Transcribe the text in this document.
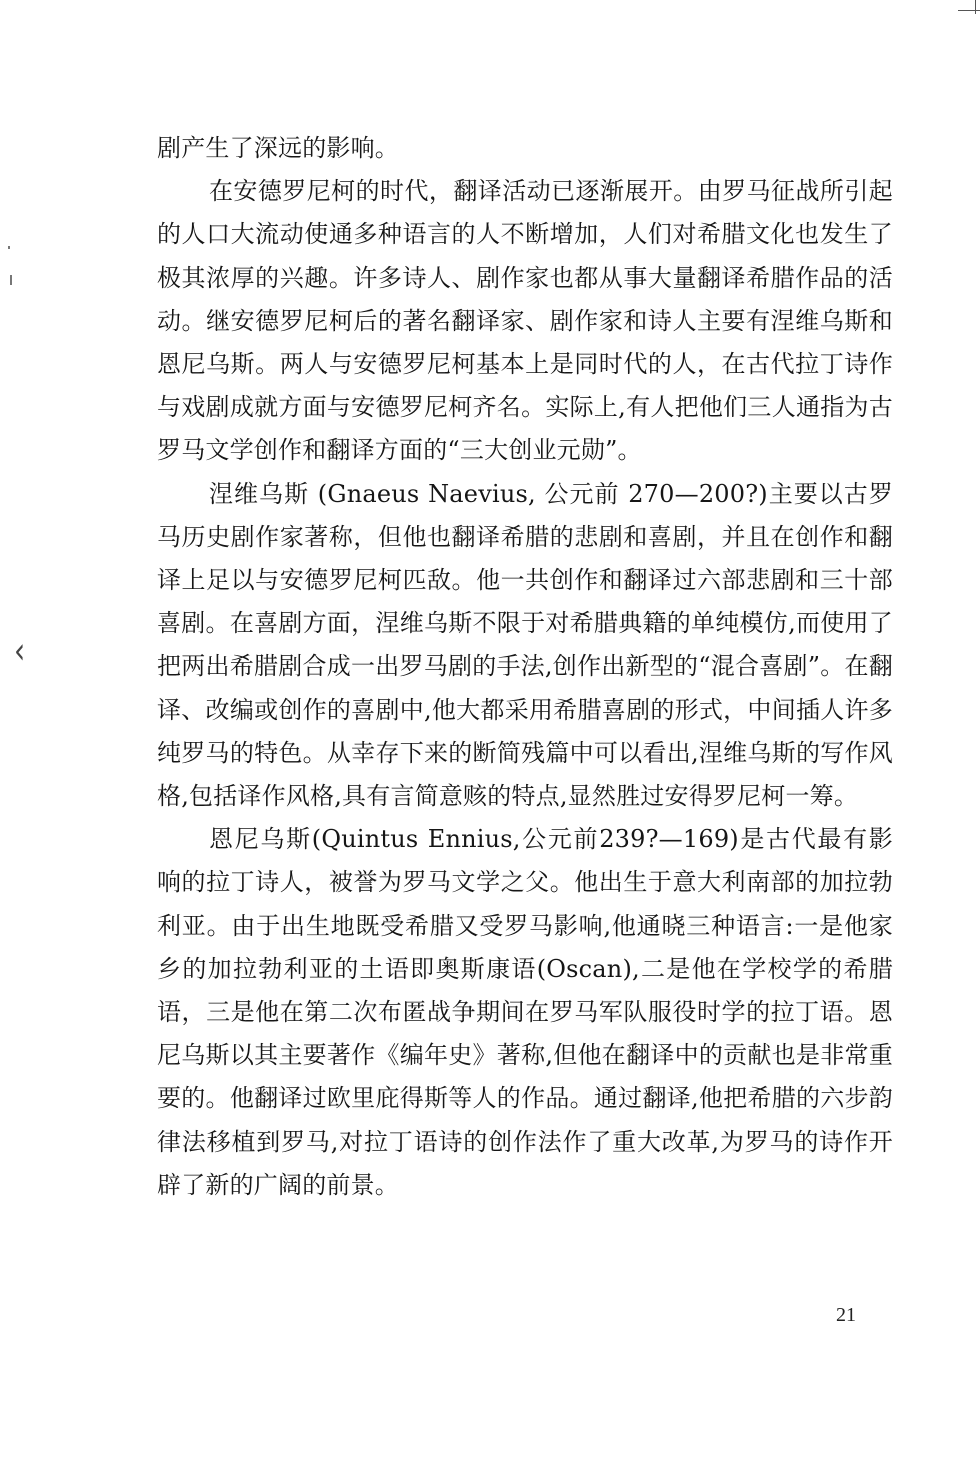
‹

剧产生了深远的影响。

在安德罗尼柯的时代，翻译活动已逐渐展开。由罗马征战所引起的人口大流动使通多种语言的人不断增加，人们对希腊文化也发生了极其浓厚的兴趣。许多诗人、剧作家也都从事大量翻译希腊作品的活动。继安德罗尼柯后的著名翻译家、剧作家和诗人主要有涅维乌斯和恩尼乌斯。两人与安德罗尼柯基本上是同时代的人，在古代拉丁诗作与戏剧成就方面与安德罗尼柯齐名。实际上,有人把他们三人通指为古罗马文学创作和翻译方面的“三大创业元勋”。

涅维乌斯 (Gnaeus Naevius, 公元前 270—200?)主要以古罗马历史剧作家著称，但他也翻译希腊的悲剧和喜剧，并且在创作和翻译上足以与安德罗尼柯匹敌。他一共创作和翻译过六部悲剧和三十部喜剧。在喜剧方面，涅维乌斯不限于对希腊典籍的单纯模仿,而使用了把两出希腊剧合成一出罗马剧的手法,创作出新型的“混合喜剧”。在翻译、改编或创作的喜剧中,他大都采用希腊喜剧的形式，中间插人许多纯罗马的特色。从幸存下来的断简残篇中可以看出,涅维乌斯的写作风格,包括译作风格,具有言简意赅的特点,显然胜过安得罗尼柯一筹。

恩尼乌斯(Quintus Ennius,公元前239?—169)是古代最有影响的拉丁诗人，被誉为罗马文学之父。他出生于意大利南部的加拉勃利亚。由于出生地既受希腊又受罗马影响,他通晓三种语言:一是他家乡的加拉勃利亚的土语即奥斯康语(Oscan),二是他在学校学的希腊语，三是他在第二次布匿战争期间在罗马军队服役时学的拉丁语。恩尼乌斯以其主要著作《编年史》著称,但他在翻译中的贡献也是非常重要的。他翻译过欧里庇得斯等人的作品。通过翻译,他把希腊的六步韵律法移植到罗马,对拉丁语诗的创作法作了重大改革,为罗马的诗作开辟了新的广阔的前景。

21
